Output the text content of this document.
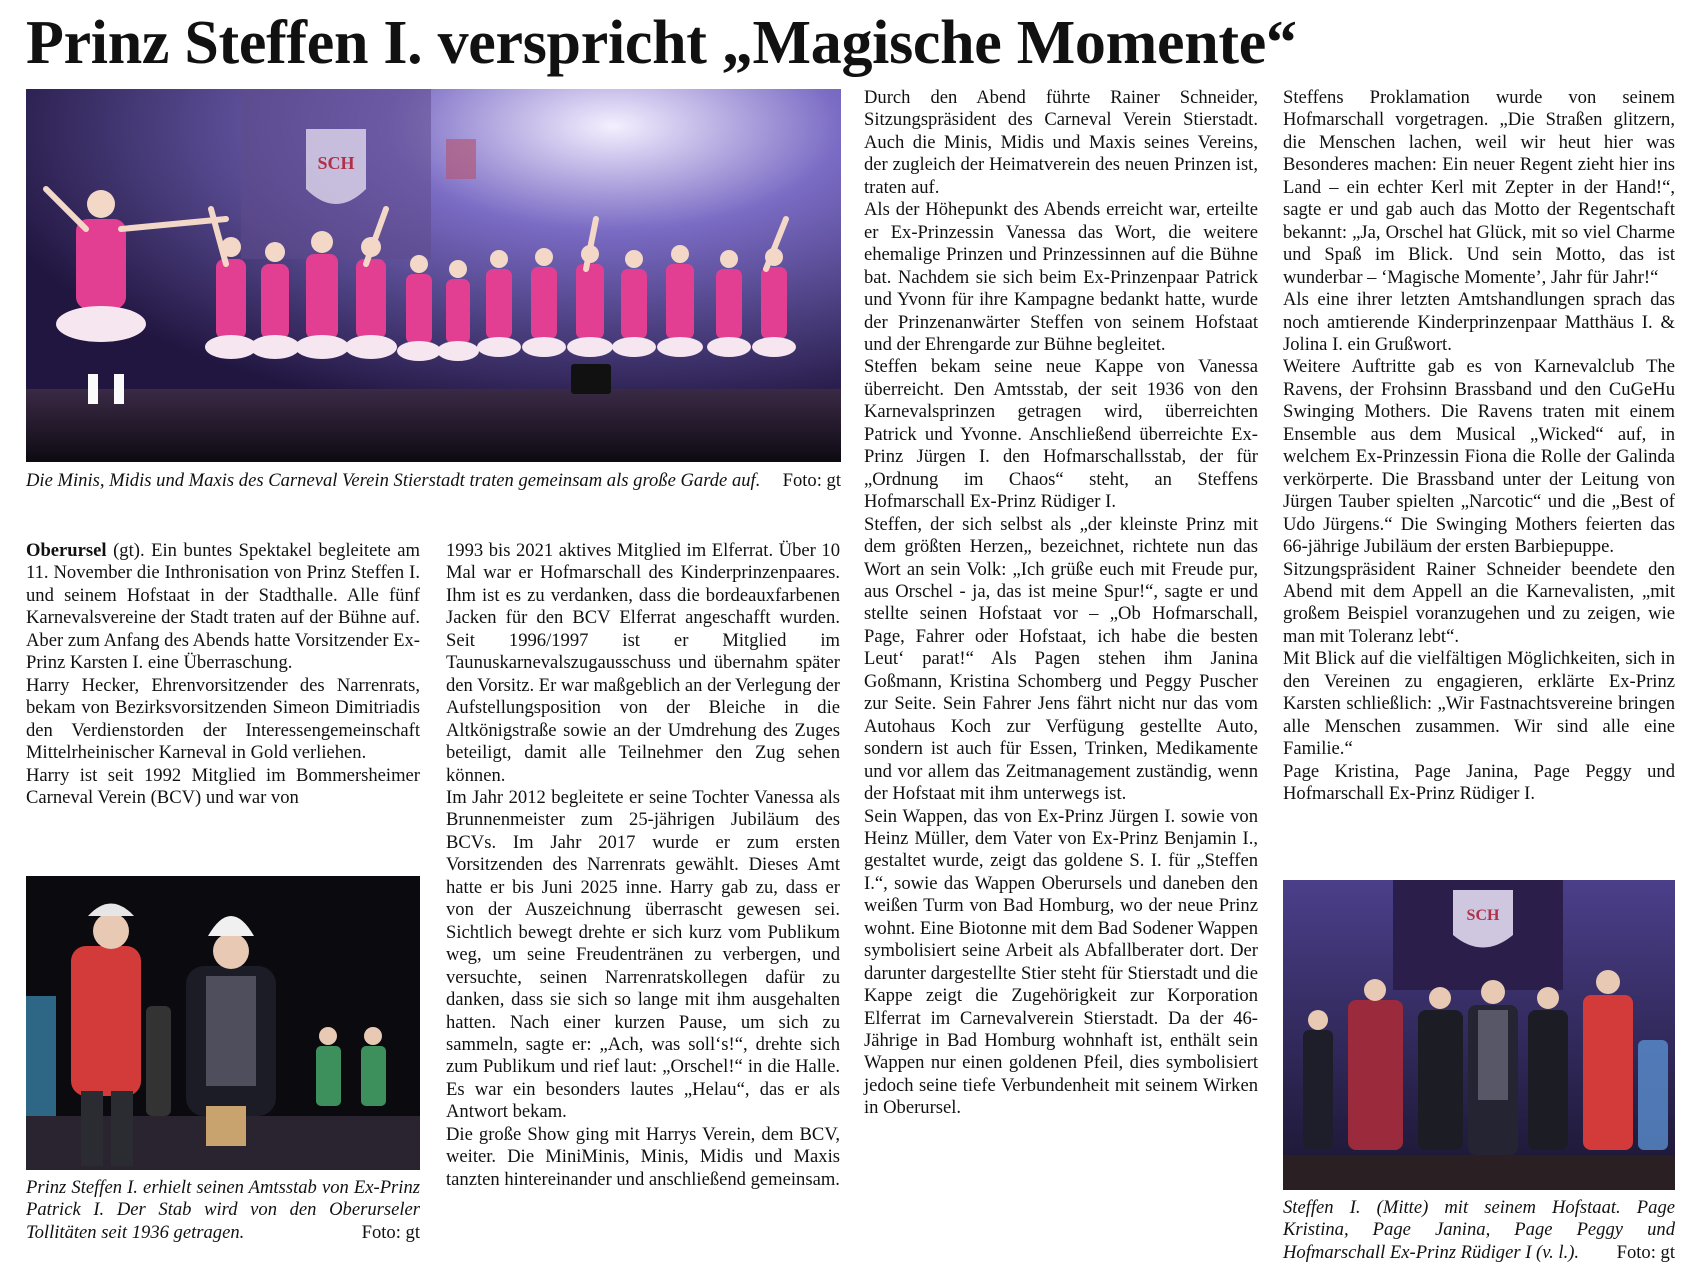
Prinz Steffen I. verspricht „Magische Momente“
SCH
Die Minis, Midis und Maxis des Carneval Verein Stierstadt traten gemeinsam als große Garde auf. Foto: gt

Oberursel (gt). Ein buntes Spektakel begleitete am 11. November die Inthronisation von Prinz Steffen I. und seinem Hofstaat in der Stadthalle. Alle fünf Karnevalsvereine der Stadt traten auf der Bühne auf. Aber zum Anfang des Abends hatte Vorsitzender Ex-Prinz Karsten I. eine Überraschung.

Harry Hecker, Ehrenvorsitzender des Narrenrats, bekam von Bezirksvorsitzenden Simeon Dimitriadis den Verdienstorden der Interessengemeinschaft Mittelrheinischer Karneval in Gold verliehen.

Harry ist seit 1992 Mitglied im Bommersheimer Carneval Verein (BCV) und war von

Prinz Steffen I. erhielt seinen Amtsstab von Ex-Prinz Patrick I. Der Stab wird von den Oberurseler Tollitäten seit 1936 getragen.	Foto: gt

1993 bis 2021 aktives Mitglied im Elferrat. Über 10 Mal war er Hofmarschall des Kinderprinzenpaares. Ihm ist es zu verdanken, dass die bordeauxfarbenen Jacken für den BCV Elferrat angeschafft wurden. Seit 1996/1997 ist er Mitglied im Taunuskarnevalszugausschuss und übernahm später den Vorsitz. Er war maßgeblich an der Verlegung der Aufstellungsposition von der Bleiche in die Altkönigstraße sowie an der Umdrehung des Zuges beteiligt, damit alle Teilnehmer den Zug sehen können.

Im Jahr 2012 begleitete er seine Tochter Vanessa als Brunnenmeister zum 25-jährigen Jubiläum des BCVs. Im Jahr 2017 wurde er zum ersten Vorsitzenden des Narrenrats gewählt. Dieses Amt hatte er bis Juni 2025 inne. Harry gab zu, dass er von der Auszeichnung überrascht gewesen sei. Sichtlich bewegt drehte er sich kurz vom Publikum weg, um seine Freudentränen zu verbergen, und versuchte, seinen Narrenratskollegen dafür zu danken, dass sie sich so lange mit ihm ausgehalten hatten. Nach einer kurzen Pause, um sich zu sammeln, sagte er: „Ach, was soll‘s!“, drehte sich zum Publikum und rief laut: „Orschel!“ in die Halle. Es war ein besonders lautes „Helau“, das er als Antwort bekam.

Die große Show ging mit Harrys Verein, dem BCV, weiter. Die MiniMinis, Minis, Midis und Maxis tanzten hintereinander und anschließend gemeinsam.

Durch den Abend führte Rainer Schneider, Sitzungspräsident des Carneval Verein Stierstadt. Auch die Minis, Midis und Maxis seines Vereins, der zugleich der Heimatverein des neuen Prinzen ist, traten auf.

Als der Höhepunkt des Abends erreicht war, erteilte er Ex-Prinzessin Vanessa das Wort, die weitere ehemalige Prinzen und Prinzessinnen auf die Bühne bat. Nachdem sie sich beim Ex-Prinzenpaar Patrick und Yvonn für ihre Kampagne bedankt hatte, wurde der Prinzenanwärter Steffen von seinem Hofstaat und der Ehrengarde zur Bühne begleitet.

Steffen bekam seine neue Kappe von Vanessa überreicht. Den Amtsstab, der seit 1936 von den Karnevalsprinzen getragen wird, überreichten Patrick und Yvonne. Anschließend überreichte Ex-Prinz Jürgen I. den Hofmarschallsstab, der für „Ordnung im Chaos“ steht, an Steffens Hofmarschall Ex-Prinz Rüdiger I.

Steffen, der sich selbst als „der kleinste Prinz mit dem größten Herzen„ bezeichnet, richtete nun das Wort an sein Volk: „Ich grüße euch mit Freude pur, aus Orschel - ja, das ist meine Spur!“, sagte er und stellte seinen Hofstaat vor – „Ob Hofmarschall, Page, Fahrer oder Hofstaat, ich habe die besten Leut‘ parat!“ Als Pagen stehen ihm Janina Goßmann, Kristina Schomberg und Peggy Puscher zur Seite. Sein Fahrer Jens fährt nicht nur das vom Autohaus Koch zur Verfügung gestellte Auto, sondern ist auch für Essen, Trinken, Medikamente und vor allem das Zeitmanagement zuständig, wenn der Hofstaat mit ihm unterwegs ist.

Sein Wappen, das von Ex-Prinz Jürgen I. sowie von Heinz Müller, dem Vater von Ex-Prinz Benjamin I., gestaltet wurde, zeigt das goldene S. I. für „Steffen I.“, sowie das Wappen Oberursels und daneben den weißen Turm von Bad Homburg, wo der neue Prinz wohnt. Eine Biotonne mit dem Bad Sodener Wappen symbolisiert seine Arbeit als Abfallberater dort. Der darunter dargestellte Stier steht für Stierstadt und die Kappe zeigt die Zugehörigkeit zur Korporation Elferrat im Carnevalverein Stierstadt. Da der 46-Jährige in Bad Homburg wohnhaft ist, enthält sein Wappen nur einen goldenen Pfeil, dies symbolisiert jedoch seine tiefe Verbundenheit mit seinem Wirken in Oberursel.

Steffens Proklamation wurde von seinem Hofmarschall vorgetragen. „Die Straßen glitzern, die Menschen lachen, weil wir heut hier was Besonderes machen: Ein neuer Regent zieht hier ins Land – ein echter Kerl mit Zepter in der Hand!“, sagte er und gab auch das Motto der Regentschaft bekannt: „Ja, Orschel hat Glück, mit so viel Charme und Spaß im Blick. Und sein Motto, das ist wunderbar – ‘Magische Momente’, Jahr für Jahr!“

Als eine ihrer letzten Amtshandlungen sprach das noch amtierende Kinderprinzenpaar Matthäus I. & Jolina I. ein Grußwort.

Weitere Auftritte gab es von Karnevalclub The Ravens, der Frohsinn Brassband und den CuGeHu Swinging Mothers. Die Ravens traten mit einem Ensemble aus dem Musical „Wicked“ auf, in welchem Ex-Prinzessin Fiona die Rolle der Galinda verkörperte. Die Brassband unter der Leitung von Jürgen Tauber spielten „Narcotic“ und die „Best of Udo Jürgens.“ Die Swinging Mothers feierten das 66-jährige Jubiläum der ersten Barbiepuppe.

Sitzungspräsident Rainer Schneider beendete den Abend mit dem Appell an die Karnevalisten, „mit großem Beispiel voranzugehen und zu zeigen, wie man mit Toleranz lebt“.

Mit Blick auf die vielfältigen Möglichkeiten, sich in den Vereinen zu engagieren, erklärte Ex-Prinz Karsten schließlich: „Wir Fastnachtsvereine bringen alle Menschen zusammen. Wir sind alle eine Familie.“

Page Kristina, Page Janina, Page Peggy und Hofmarschall Ex-Prinz Rüdiger I.

SCH
Steffen I. (Mitte) mit seinem Hofstaat. Page Kristina, Page Janina, Page Peggy und Hofmarschall Ex-Prinz Rüdiger I (v. l.). Foto: gt
